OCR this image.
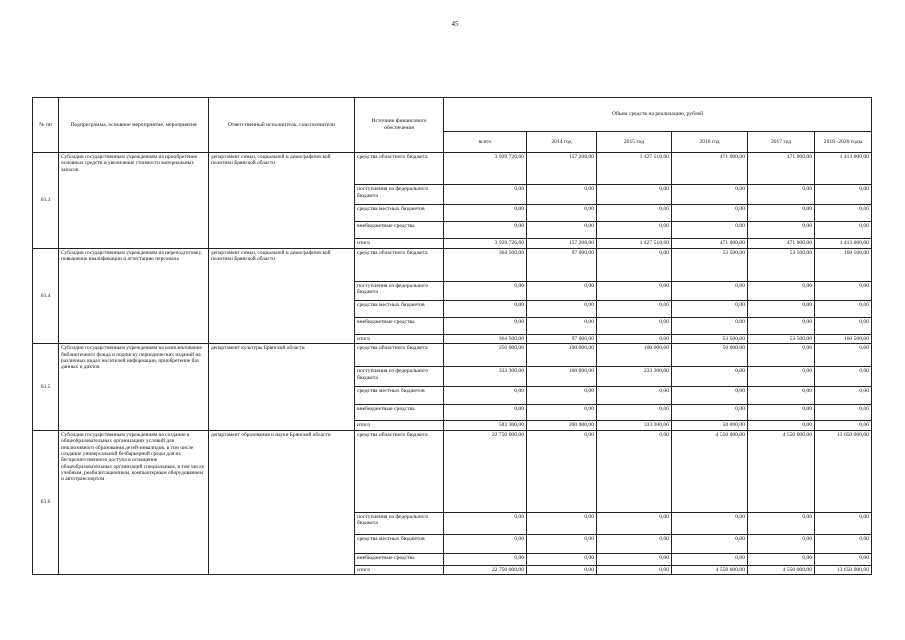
45
№ пп	Подпрограмма, основное мероприятие, мероприятия	Ответственный исполнитель, соисполнители	Источник финансового обеспечения	Объем средств на реализацию, рублей					
				всего	2014 год	2015 год	2016 год	2017 год	2018 -2020 годы
63.3	Субсидии государственным учреждениям на приобретение основных средств и увеличение стоимости материальных запасов	департамент семьи, социальной и демографической политики Брянской области	средства областного бюджета	3 939 726,60	157 208,00	1 427 518,60	471 000,00	471 000,00	1 413 000,00
			поступления из федерального бюджета	0,00	0,00	0,00	0,00	0,00	0,00
			средства местных бюджетов	0,00	0,00	0,00	0,00	0,00	0,00
			внебюджетные средства	0,00	0,00	0,00	0,00	0,00	0,00
			итого	3 939 726,60	157 208,00	1 427 518,60	471 000,00	471 000,00	1 413 000,00
63.4	Субсидии государственным учреждениям на переподготовку, повышение квалификации и аттестацию персонала	департамент семьи, социальной и демографической политики Брянской области	средства областного бюджета	364 500,00	97 000,00	0,00	53 500,00	53 500,00	160 500,00
			поступления из федерального бюджета	0,00	0,00	0,00	0,00	0,00	0,00
			средства местных бюджетов	0,00	0,00	0,00	0,00	0,00	0,00
			внебюджетные средства	0,00	0,00	0,00	0,00	0,00	0,00
			итого	364 500,00	97 000,00	0,00	53 500,00	53 500,00	160 500,00
63.5	Субсидии государственным учреждениям на комплектование библиотечного фонда и подписку периодических изданий на различных видах носителей информации, приобретение баз данных и диктов	департамент культуры Брянской области	средства областного бюджета	250 000,00	100 000,00	100 000,00	50 000,00	0,00	0,00
			поступления из федерального бюджета	333 300,00	100 000,00	233 300,00	0,00	0,00	0,00
			средства местных бюджетов	0,00	0,00	0,00	0,00	0,00	0,00
			внебюджетные средства	0,00	0,00	0,00	0,00	0,00	0,00
			итого	583 300,00	200 000,00	333 300,00	50 000,00	0,00	0,00
63.6	Субсидии государственным учреждениям на создание в общеобразовательных организациях условий для инклюзивного образования детей-инвалидов, в том числе создание универсальной безбарьерной среды для их беспрепятственного доступа в оснащение общеобразовательных организаций специальным, в том числе учебным, реабилитационным, компьютерным оборудованием и автотранспортом	департамент образования и науки Брянской области	средства областного бюджета	22 750 000,00	0,00	0,00	4 550 000,00	4 550 000,00	13 650 000,00
			поступления из федерального бюджета	0,00	0,00	0,00	0,00	0,00	0,00
			средства местных бюджетов	0,00	0,00	0,00	0,00	0,00	0,00
			внебюджетные средства	0,00	0,00	0,00	0,00	0,00	0,00
			итого	22 750 000,00	0,00	0,00	4 550 000,00	4 550 000,00	13 650 000,00
